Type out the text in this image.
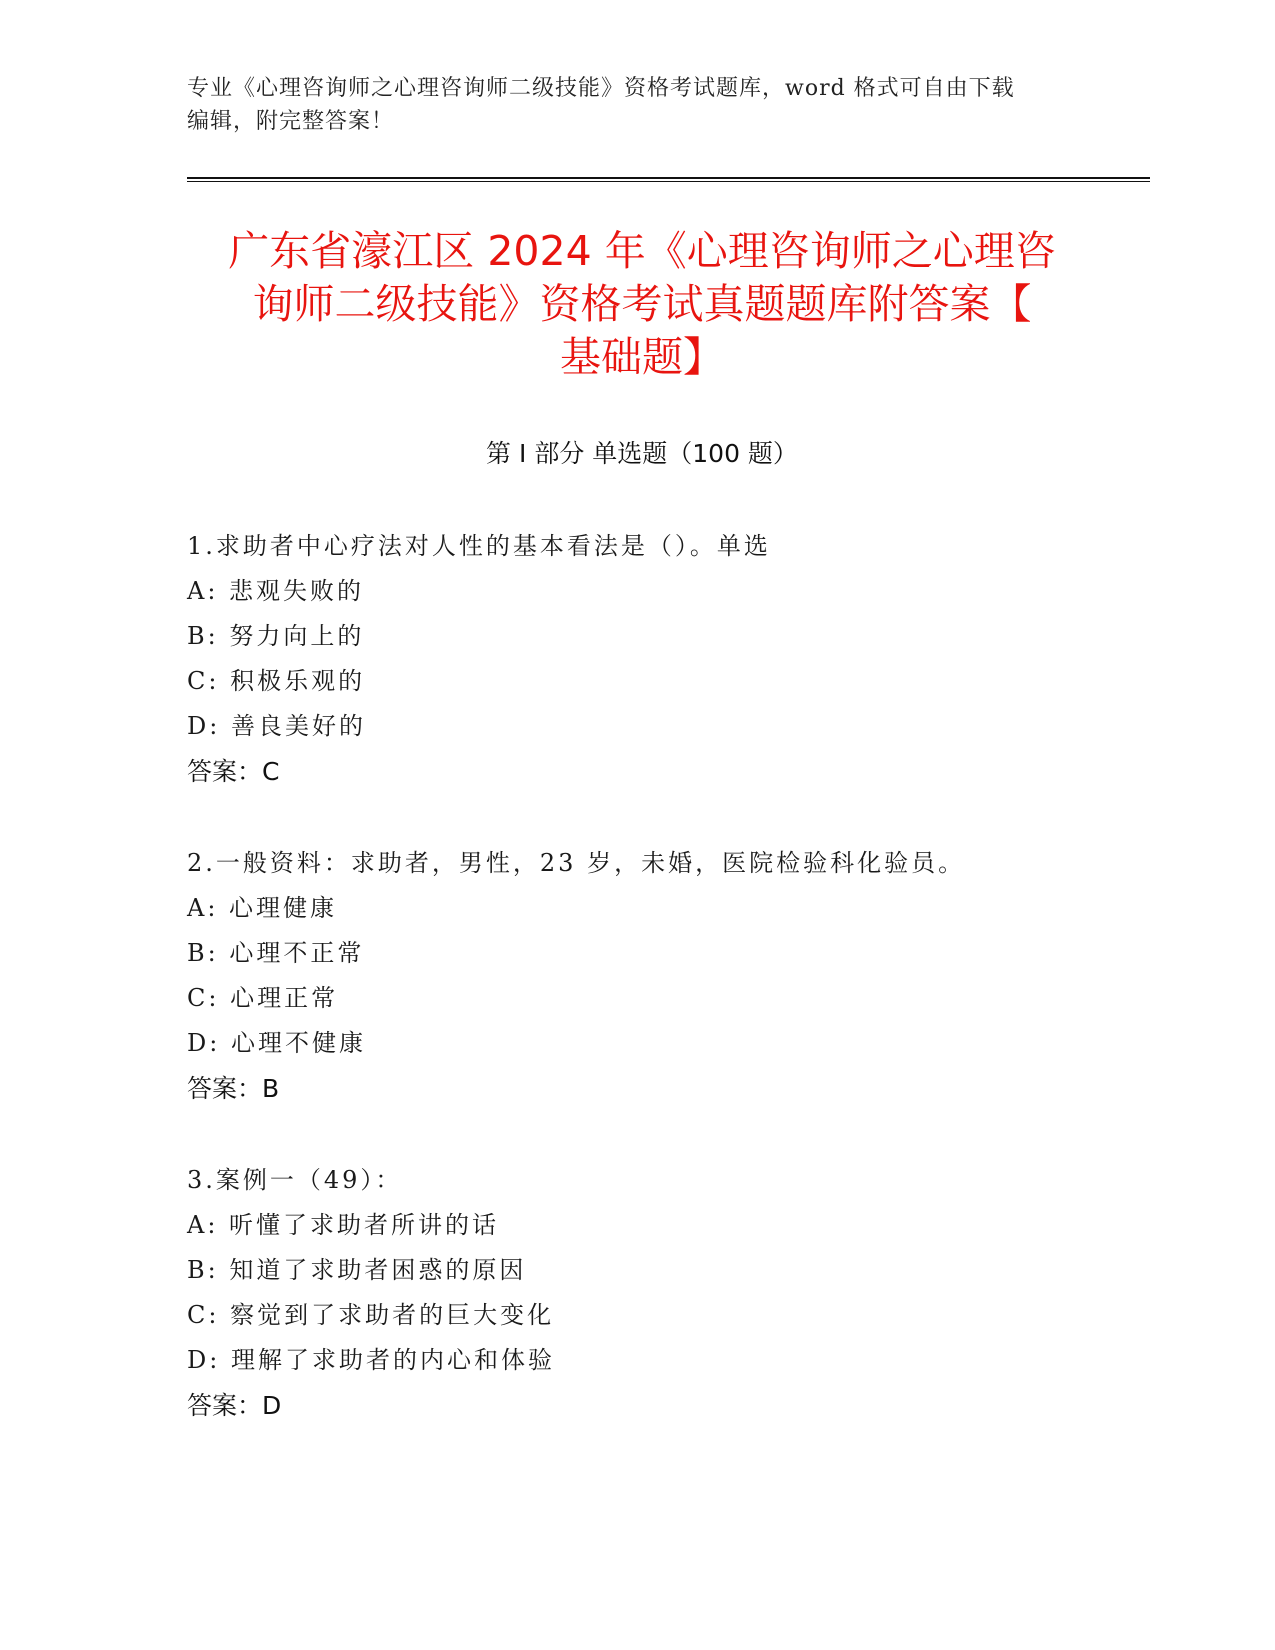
专业《心理咨询师之心理咨询师二级技能》资格考试题库，word 格式可自由下载
编辑，附完整答案！
广东省濠江区 2024 年《心理咨询师之心理咨
询师二级技能》资格考试真题题库附答案【
基础题】
第 I 部分 单选题（100 题）
1.求助者中心疗法对人性的基本看法是（）。单选
A: 悲观失败的
B: 努力向上的
C: 积极乐观的
D: 善良美好的
答案：C
2.一般资料：求助者，男性，23 岁，未婚，医院检验科化验员。
A: 心理健康
B: 心理不正常
C: 心理正常
D: 心理不健康
答案：B
3.案例一（49）：
A: 听懂了求助者所讲的话
B: 知道了求助者困惑的原因
C: 察觉到了求助者的巨大变化
D: 理解了求助者的内心和体验
答案：D
